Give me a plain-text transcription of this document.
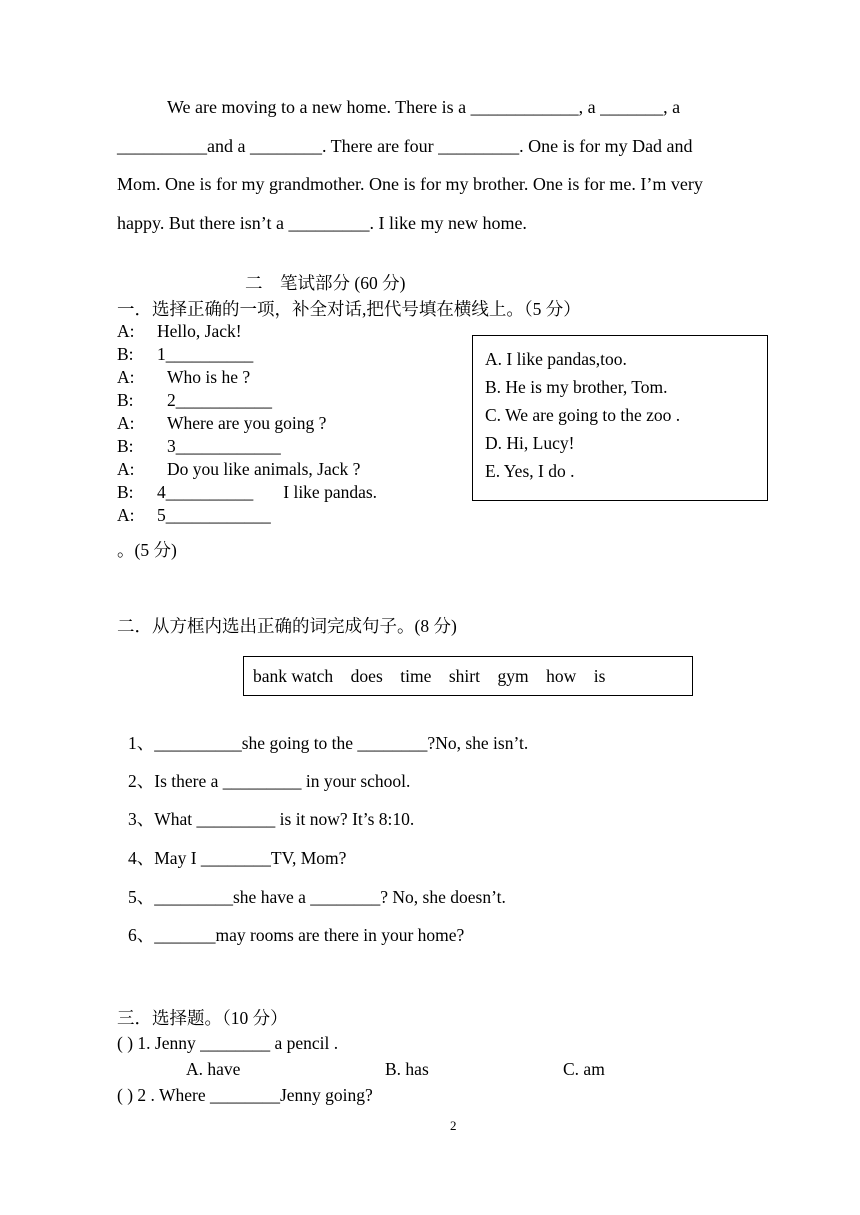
We are moving to a new home. There is a ____________, a _______, a
__________and a ________. There are four _________. One is for my Dad and
Mom. One is for my grandmother. One is for my brother. One is for me. I’m very
happy. But there isn’t a _________. I like my new home.
二　笔试部分 (60 分)
一．选择正确的一项，补全对话,把代号填在横线上。（5 分）
A: Hello, Jack!
B: 1__________
A: Who is he ?
B: 2___________
A: Where are you going ?
B: 3____________
A: Do you like animals, Jack ?
B: 4__________ I like pandas.
A: 5____________
A. I like pandas,too.
B. He is my brother, Tom.
C. We are going to the zoo .
D. Hi, Lucy!
E. Yes, I do .
。(5 分)
二．从方框内选出正确的词完成句子。(8 分)
bank watch    does    time    shirt    gym    how    is
1、__________she going to the ________?No, she isn’t.
2、Is there a _________ in your school.
3、What _________ is it now? It’s 8:10.
4、May I ________TV, Mom?
5、_________she have a ________? No, she doesn’t.
6、_______may rooms are there in your home?
三．选择题。（10 分）
( ) 1. Jenny ________ a pencil .
A. have	B. has	C. am
( ) 2 . Where ________Jenny going?
2
